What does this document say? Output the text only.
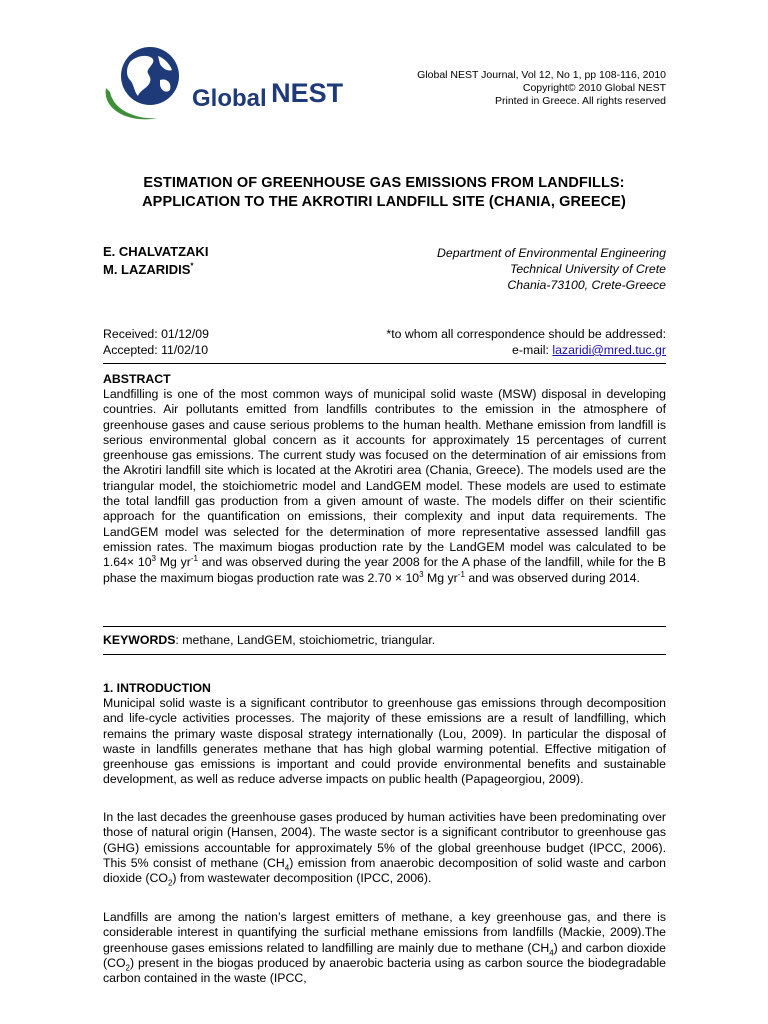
Global NEST
Global NEST Journal, Vol 12, No 1, pp 108-116, 2010
Copyright© 2010 Global NEST
Printed in Greece. All rights reserved
ESTIMATION OF GREENHOUSE GAS EMISSIONS FROM LANDFILLS:
APPLICATION TO THE AKROTIRI LANDFILL SITE (CHANIA, GREECE)
E. CHALVATZAKI
M. LAZARIDIS*
Department of Environmental Engineering
Technical University of Crete
Chania-73100, Crete-Greece
Received: 01/12/09
Accepted: 11/02/10
*to whom all correspondence should be addressed:
e-mail: lazaridi@mred.tuc.gr
ABSTRACT
Landfilling is one of the most common ways of municipal solid waste (MSW) disposal in developing countries. Air pollutants emitted from landfills contributes to the emission in the atmosphere of greenhouse gases and cause serious problems to the human health. Methane emission from landfill is serious environmental global concern as it accounts for approximately 15 percentages of current greenhouse gas emissions. The current study was focused on the determination of air emissions from the Akrotiri landfill site which is located at the Akrotiri area (Chania, Greece). The models used are the triangular model, the stoichiometric model and LandGEM model. These models are used to estimate the total landfill gas production from a given amount of waste. The models differ on their scientific approach for the quantification on emissions, their complexity and input data requirements. The LandGEM model was selected for the determination of more representative assessed landfill gas emission rates. The maximum biogas production rate by the LandGEM model was calculated to be $1.64\times 10^3$ Mg $yr^{-1}$ and was observed during the year 2008 for the A phase of the landfill, while for the B phase the maximum biogas production rate was $2.70 \times 10^3$ Mg $yr^{-1}$ and was observed during 2014.
KEYWORDS: methane, LandGEM, stoichiometric, triangular.
1. INTRODUCTION
Municipal solid waste is a significant contributor to greenhouse gas emissions through decomposition and life-cycle activities processes. The majority of these emissions are a result of landfilling, which remains the primary waste disposal strategy internationally (Lou, 2009). In particular the disposal of waste in landfills generates methane that has high global warming potential. Effective mitigation of greenhouse gas emissions is important and could provide environmental benefits and sustainable development, as well as reduce adverse impacts on public health (Papageorgiou, 2009).
In the last decades the greenhouse gases produced by human activities have been predominating over those of natural origin (Hansen, 2004). The waste sector is a significant contributor to greenhouse gas (GHG) emissions accountable for approximately 5% of the global greenhouse budget (IPCC, 2006). This 5% consist of methane $(CH_4)$ emission from anaerobic decomposition of solid waste and carbon dioxide $(CO_2)$ from wastewater decomposition (IPCC, 2006).
Landfills are among the nation’s largest emitters of methane, a key greenhouse gas, and there is considerable interest in quantifying the surficial methane emissions from landfills (Mackie, 2009).The greenhouse gases emissions related to landfilling are mainly due to methane $(CH_4)$ and carbon dioxide $(CO_2)$ present in the biogas produced by anaerobic bacteria using as carbon source the biodegradable carbon contained in the waste (IPCC,
